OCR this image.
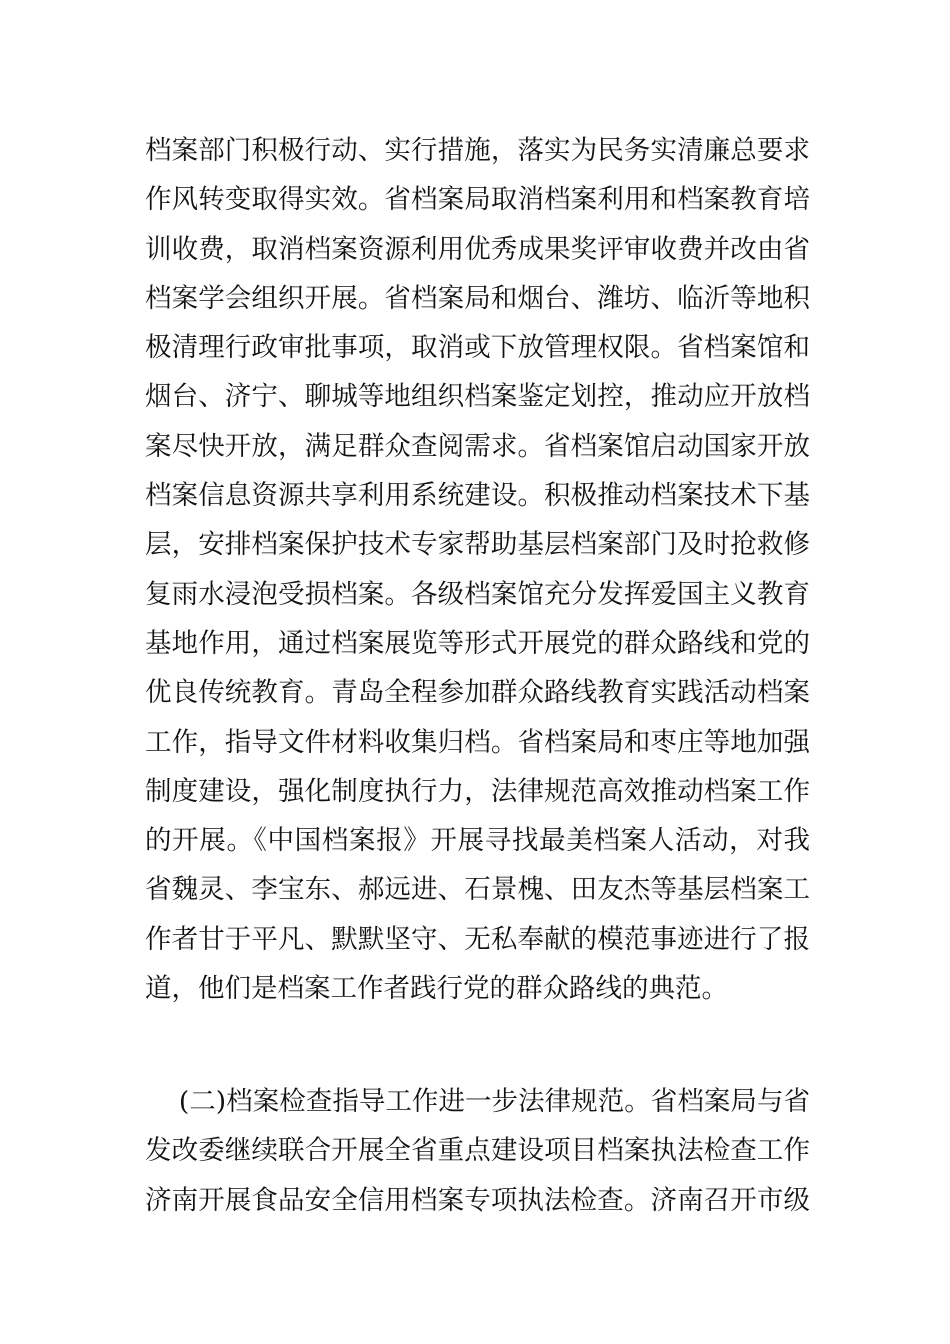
档案部门积极行动、实行措施，落实为民务实清廉总要求
作风转变取得实效。省档案局取消档案利用和档案教育培
训收费，取消档案资源利用优秀成果奖评审收费并改由省
档案学会组织开展。省档案局和烟台、潍坊、临沂等地积
极清理行政审批事项，取消或下放管理权限。省档案馆和
烟台、济宁、聊城等地组织档案鉴定划控，推动应开放档
案尽快开放，满足群众查阅需求。省档案馆启动国家开放
档案信息资源共享利用系统建设。积极推动档案技术下基
层，安排档案保护技术专家帮助基层档案部门及时抢救修
复雨水浸泡受损档案。各级档案馆充分发挥爱国主义教育
基地作用，通过档案展览等形式开展党的群众路线和党的
优良传统教育。青岛全程参加群众路线教育实践活动档案
工作，指导文件材料收集归档。省档案局和枣庄等地加强
制度建设，强化制度执行力，法律规范高效推动档案工作
的开展。《中国档案报》开展寻找最美档案人活动，对我
省魏灵、李宝东、郝远进、石景槐、田友杰等基层档案工
作者甘于平凡、默默坚守、无私奉献的模范事迹进行了报
道，他们是档案工作者践行党的群众路线的典范。
(二)档案检查指导工作进一步法律规范。省档案局与省
发改委继续联合开展全省重点建设项目档案执法检查工作
济南开展食品安全信用档案专项执法检查。济南召开市级
